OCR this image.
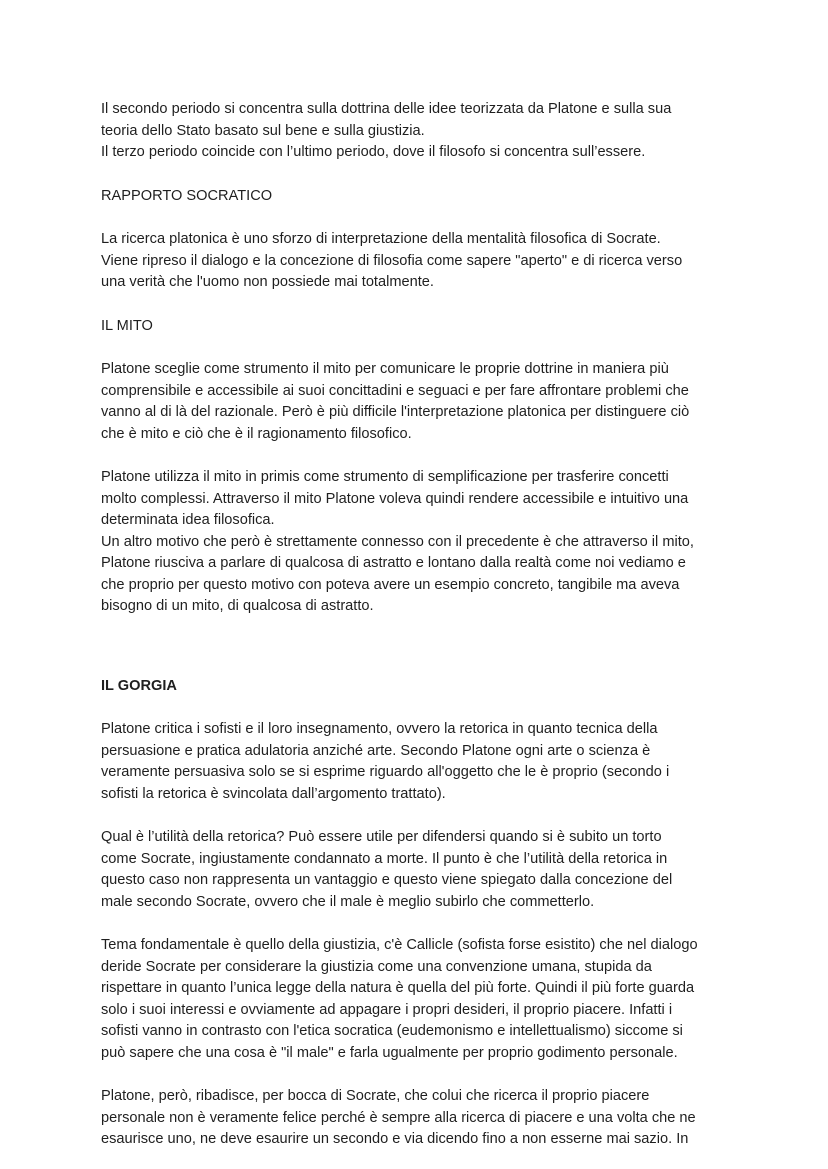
Il secondo periodo si concentra sulla dottrina delle idee teorizzata da Platone e sulla sua
teoria dello Stato basato sul bene e sulla giustizia.
Il terzo periodo coincide con l’ultimo periodo, dove il filosofo si concentra sull’essere.

RAPPORTO SOCRATICO

La ricerca platonica è uno sforzo di interpretazione della mentalità filosofica di Socrate.
Viene ripreso il dialogo e la concezione di filosofia come sapere "aperto" e di ricerca verso
una verità che l'uomo non possiede mai totalmente.

IL MITO

Platone sceglie come strumento il mito per comunicare le proprie dottrine in maniera più
comprensibile e accessibile ai suoi concittadini e seguaci e per fare affrontare problemi che
vanno al di là del razionale. Però è più difficile l'interpretazione platonica per distinguere ciò
che è mito e ciò che è il ragionamento filosofico.

Platone utilizza il mito in primis come strumento di semplificazione per trasferire concetti
molto complessi. Attraverso il mito Platone voleva quindi rendere accessibile e intuitivo una
determinata idea filosofica.
Un altro motivo che però è strettamente connesso con il precedente è che attraverso il mito,
Platone riusciva a parlare di qualcosa di astratto e lontano dalla realtà come noi vediamo e
che proprio per questo motivo con poteva avere un esempio concreto, tangibile ma aveva
bisogno di un mito, di qualcosa di astratto.

IL GORGIA

Platone critica i sofisti e il loro insegnamento, ovvero la retorica in quanto tecnica della
persuasione e pratica adulatoria anziché arte. Secondo Platone ogni arte o scienza è
veramente persuasiva solo se si esprime riguardo all'oggetto che le è proprio (secondo i
sofisti la retorica è svincolata dall’argomento trattato).

Qual è l’utilità della retorica? Può essere utile per difendersi quando si è subito un torto
come Socrate, ingiustamente condannato a morte. Il punto è che l’utilità della retorica in
questo caso non rappresenta un vantaggio e questo viene spiegato dalla concezione del
male secondo Socrate, ovvero che il male è meglio subirlo che commetterlo.

Tema fondamentale è quello della giustizia, c'è Callicle (sofista forse esistito) che nel dialogo
deride Socrate per considerare la giustizia come una convenzione umana, stupida da
rispettare in quanto l’unica legge della natura è quella del più forte. Quindi il più forte guarda
solo i suoi interessi e ovviamente ad appagare i propri desideri, il proprio piacere. Infatti i
sofisti vanno in contrasto con l'etica socratica (eudemonismo e intellettualismo) siccome si
può sapere che una cosa è "il male" e farla ugualmente per proprio godimento personale.

Platone, però, ribadisce, per bocca di Socrate, che colui che ricerca il proprio piacere
personale non è veramente felice perché è sempre alla ricerca di piacere e una volta che ne
esaurisce uno, ne deve esaurire un secondo e via dicendo fino a non esserne mai sazio. In
